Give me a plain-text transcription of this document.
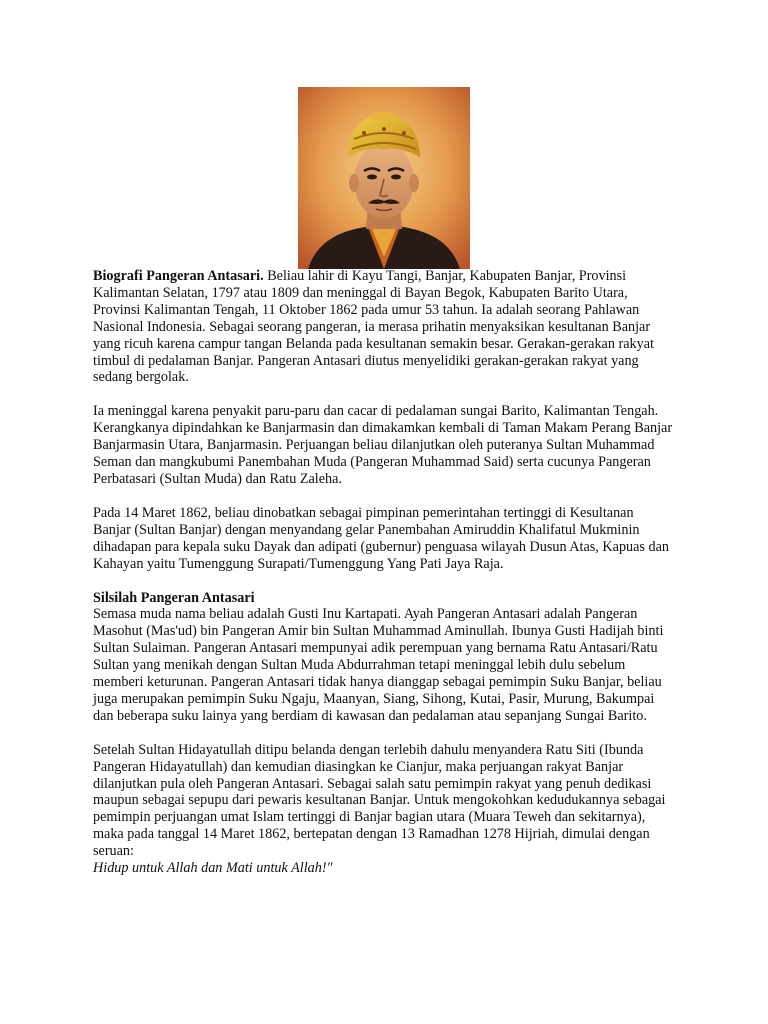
Biografi Pangeran Antasari. Beliau lahir di Kayu Tangi, Banjar, Kabupaten Banjar, Provinsi Kalimantan Selatan, 1797 atau 1809 dan meninggal di Bayan Begok, Kabupaten Barito Utara, Provinsi Kalimantan Tengah, 11 Oktober 1862 pada umur 53 tahun. Ia adalah seorang Pahlawan Nasional Indonesia. Sebagai seorang pangeran, ia merasa prihatin menyaksikan kesultanan Banjar yang ricuh karena campur tangan Belanda pada kesultanan semakin besar. Gerakan-gerakan rakyat timbul di pedalaman Banjar. Pangeran Antasari diutus menyelidiki gerakan-gerakan rakyat yang sedang bergolak.

Ia meninggal karena penyakit paru-paru dan cacar di pedalaman sungai Barito, Kalimantan Tengah. Kerangkanya dipindahkan ke Banjarmasin dan dimakamkan kembali di Taman Makam Perang Banjar Banjarmasin Utara, Banjarmasin. Perjuangan beliau dilanjutkan oleh puteranya Sultan Muhammad Seman dan mangkubumi Panembahan Muda (Pangeran Muhammad Said) serta cucunya Pangeran Perbatasari (Sultan Muda) dan Ratu Zaleha.

Pada 14 Maret 1862, beliau dinobatkan sebagai pimpinan pemerintahan tertinggi di Kesultanan Banjar (Sultan Banjar) dengan menyandang gelar Panembahan Amiruddin Khalifatul Mukminin dihadapan para kepala suku Dayak dan adipati (gubernur) penguasa wilayah Dusun Atas, Kapuas dan Kahayan yaitu Tumenggung Surapati/Tumenggung Yang Pati Jaya Raja.

Silsilah Pangeran Antasari

Semasa muda nama beliau adalah Gusti Inu Kartapati. Ayah Pangeran Antasari adalah Pangeran Masohut (Mas'ud) bin Pangeran Amir bin Sultan Muhammad Aminullah. Ibunya Gusti Hadijah binti Sultan Sulaiman. Pangeran Antasari mempunyai adik perempuan yang bernama Ratu Antasari/Ratu Sultan yang menikah dengan Sultan Muda Abdurrahman tetapi meninggal lebih dulu sebelum memberi keturunan. Pangeran Antasari tidak hanya dianggap sebagai pemimpin Suku Banjar, beliau juga merupakan pemimpin Suku Ngaju, Maanyan, Siang, Sihong, Kutai, Pasir, Murung, Bakumpai dan beberapa suku lainya yang berdiam di kawasan dan pedalaman atau sepanjang Sungai Barito.

Setelah Sultan Hidayatullah ditipu belanda dengan terlebih dahulu menyandera Ratu Siti (Ibunda Pangeran Hidayatullah) dan kemudian diasingkan ke Cianjur, maka perjuangan rakyat Banjar dilanjutkan pula oleh Pangeran Antasari. Sebagai salah satu pemimpin rakyat yang penuh dedikasi maupun sebagai sepupu dari pewaris kesultanan Banjar. Untuk mengokohkan kedudukannya sebagai pemimpin perjuangan umat Islam tertinggi di Banjar bagian utara (Muara Teweh dan sekitarnya), maka pada tanggal 14 Maret 1862, bertepatan dengan 13 Ramadhan 1278 Hijriah, dimulai dengan seruan:

Hidup untuk Allah dan Mati untuk Allah!"
